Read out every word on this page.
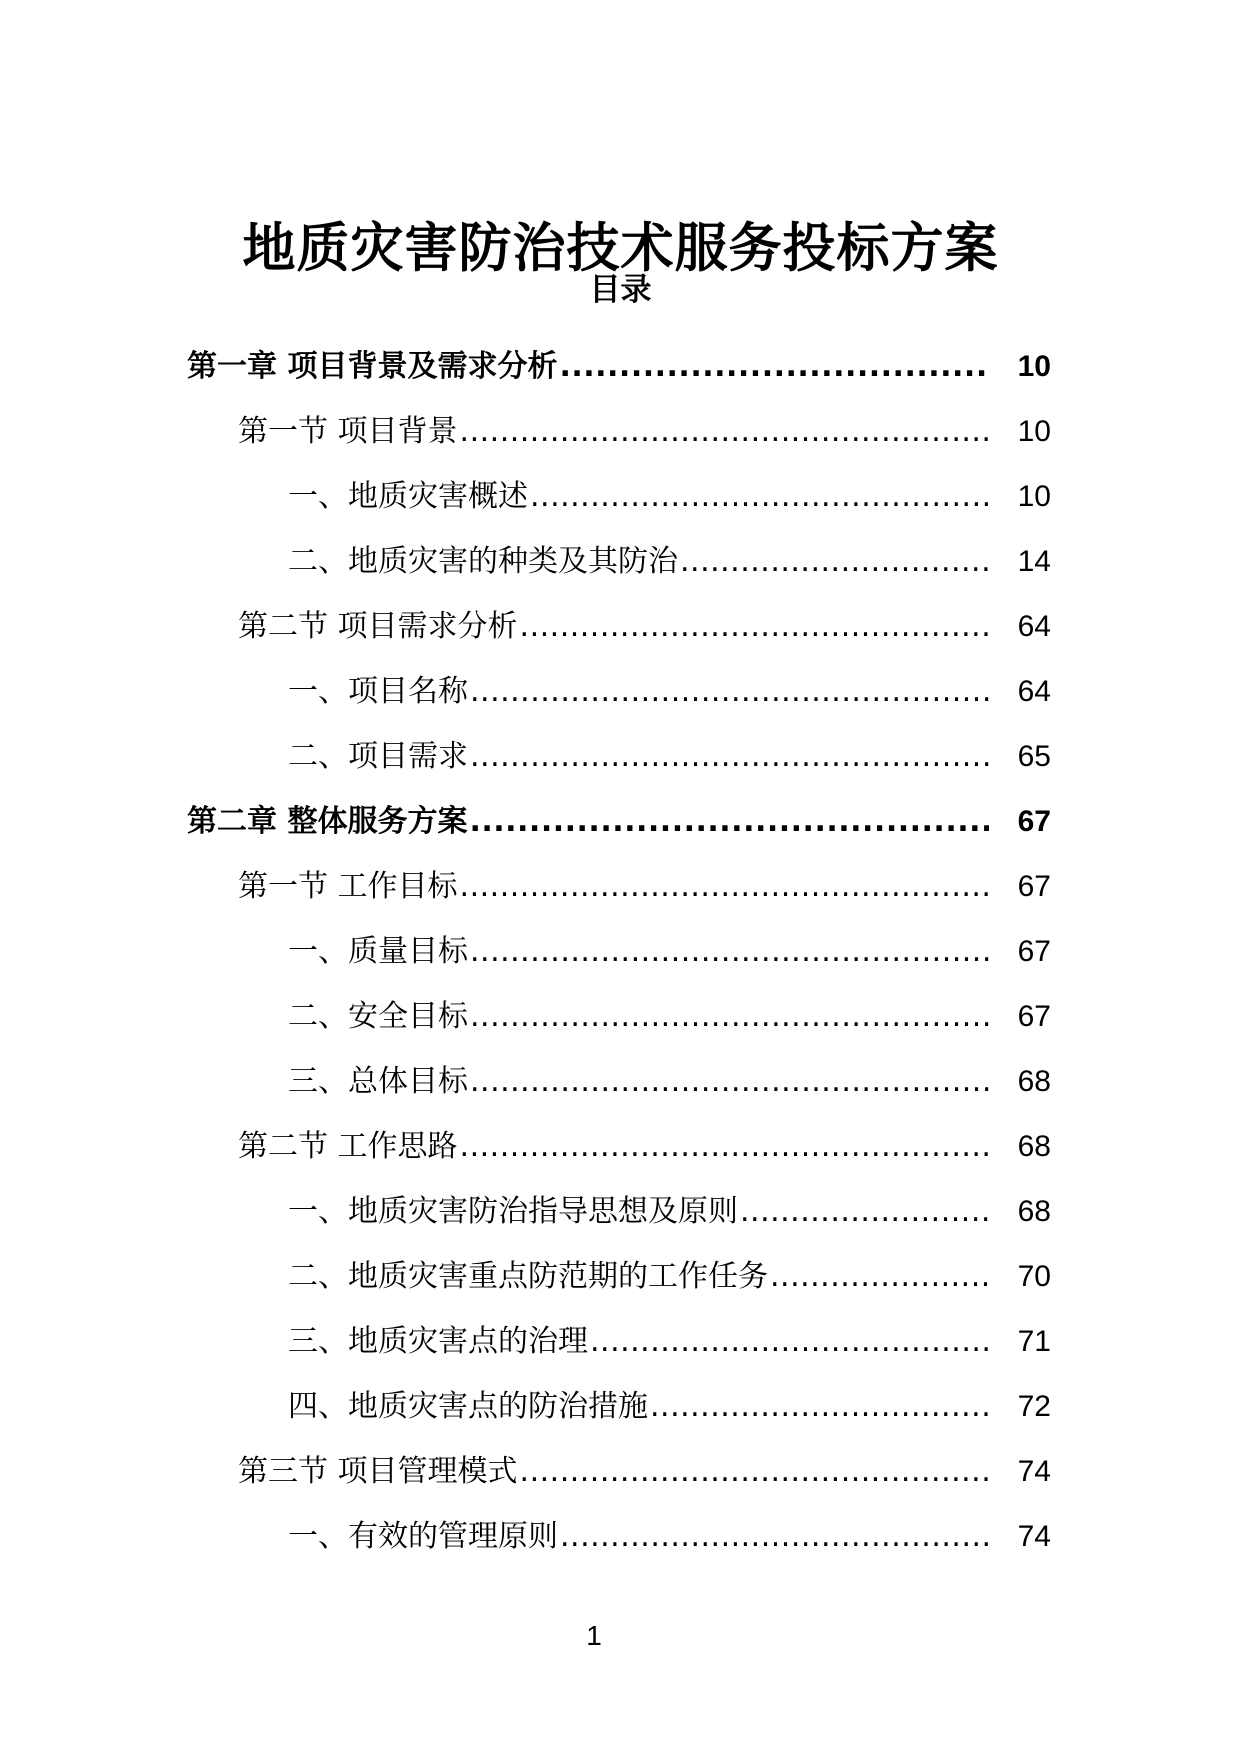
地质灾害防治技术服务投标方案
目录
第一章 项目背景及需求分析 .....	10
第一节 项目背景 .....	10
一、地质灾害概述 .....	10
二、地质灾害的种类及其防治 .....	14
第二节 项目需求分析 .....	64
一、项目名称 .....	64
二、项目需求 .....	65
第二章 整体服务方案 .....	67
第一节 工作目标 .....	67
一、质量目标 .....	67
二、安全目标 .....	67
三、总体目标 .....	68
第二节 工作思路 .....	68
一、地质灾害防治指导思想及原则 .....	68
二、地质灾害重点防范期的工作任务 .....	70
三、地质灾害点的治理 .....	71
四、地质灾害点的防治措施 .....	72
第三节 项目管理模式 .....	74
一、有效的管理原则 .....	74
1
